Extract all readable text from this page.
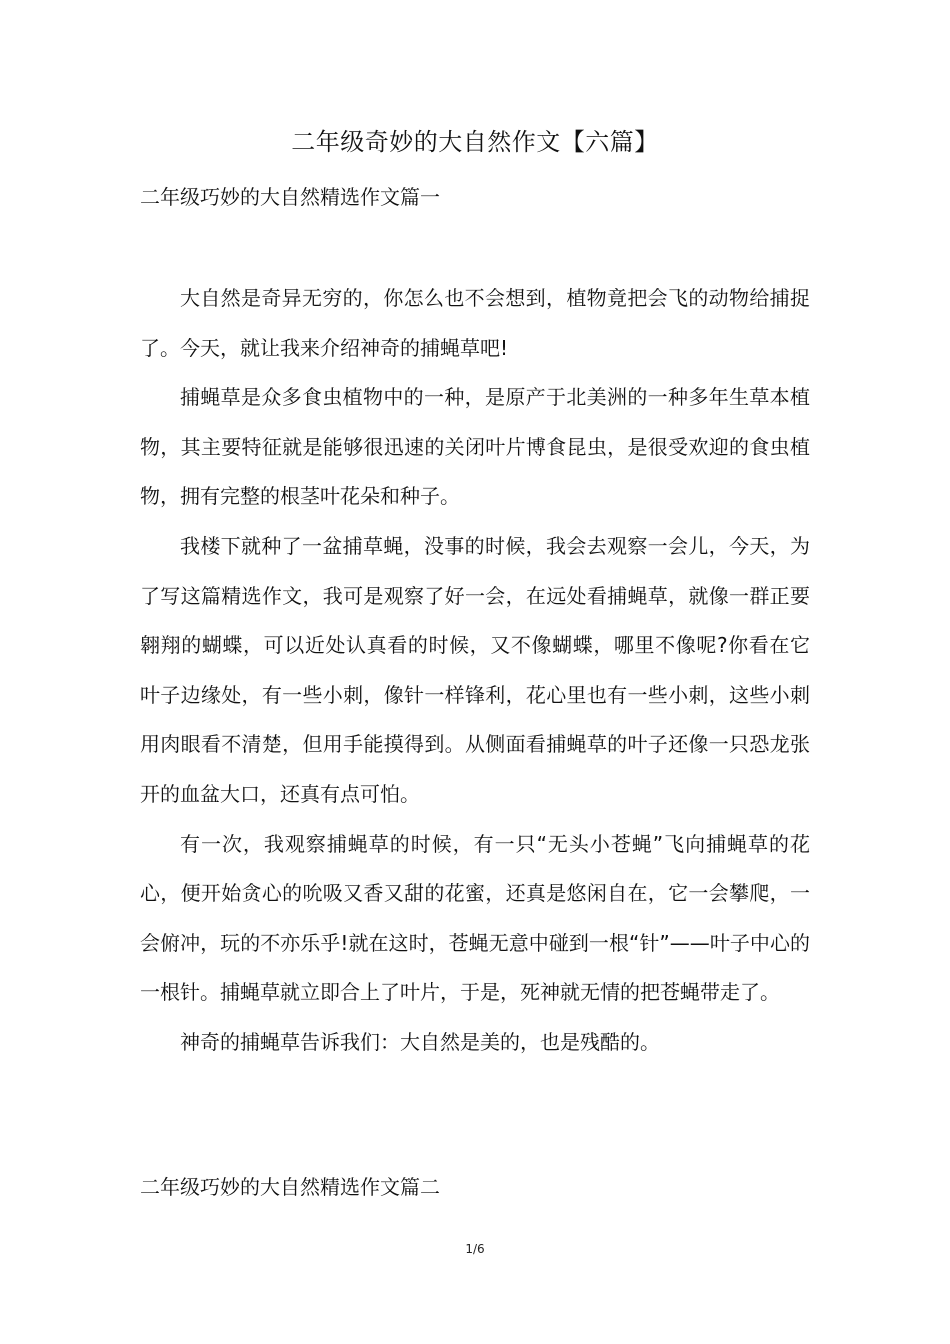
二年级奇妙的大自然作文【六篇】
二年级巧妙的大自然精选作文篇一

大自然是奇异无穷的，你怎么也不会想到，植物竟把会飞的动物给捕捉了。今天，就让我来介绍神奇的捕蝇草吧!

捕蝇草是众多食虫植物中的一种，是原产于北美洲的一种多年生草本植物，其主要特征就是能够很迅速的关闭叶片博食昆虫，是很受欢迎的食虫植物，拥有完整的根茎叶花朵和种子。

我楼下就种了一盆捕草蝇，没事的时候，我会去观察一会儿，今天，为了写这篇精选作文，我可是观察了好一会，在远处看捕蝇草，就像一群正要翱翔的蝴蝶，可以近处认真看的时候，又不像蝴蝶，哪里不像呢?你看在它叶子边缘处，有一些小刺，像针一样锋利，花心里也有一些小刺，这些小刺用肉眼看不清楚，但用手能摸得到。从侧面看捕蝇草的叶子还像一只恐龙张开的血盆大口，还真有点可怕。

有一次，我观察捕蝇草的时候，有一只“无头小苍蝇”飞向捕蝇草的花心，便开始贪心的吮吸又香又甜的花蜜，还真是悠闲自在，它一会攀爬，一会俯冲，玩的不亦乐乎!就在这时，苍蝇无意中碰到一根“针”——叶子中心的一根针。捕蝇草就立即合上了叶片，于是，死神就无情的把苍蝇带走了。

神奇的捕蝇草告诉我们：大自然是美的，也是残酷的。

二年级巧妙的大自然精选作文篇二
1/6
